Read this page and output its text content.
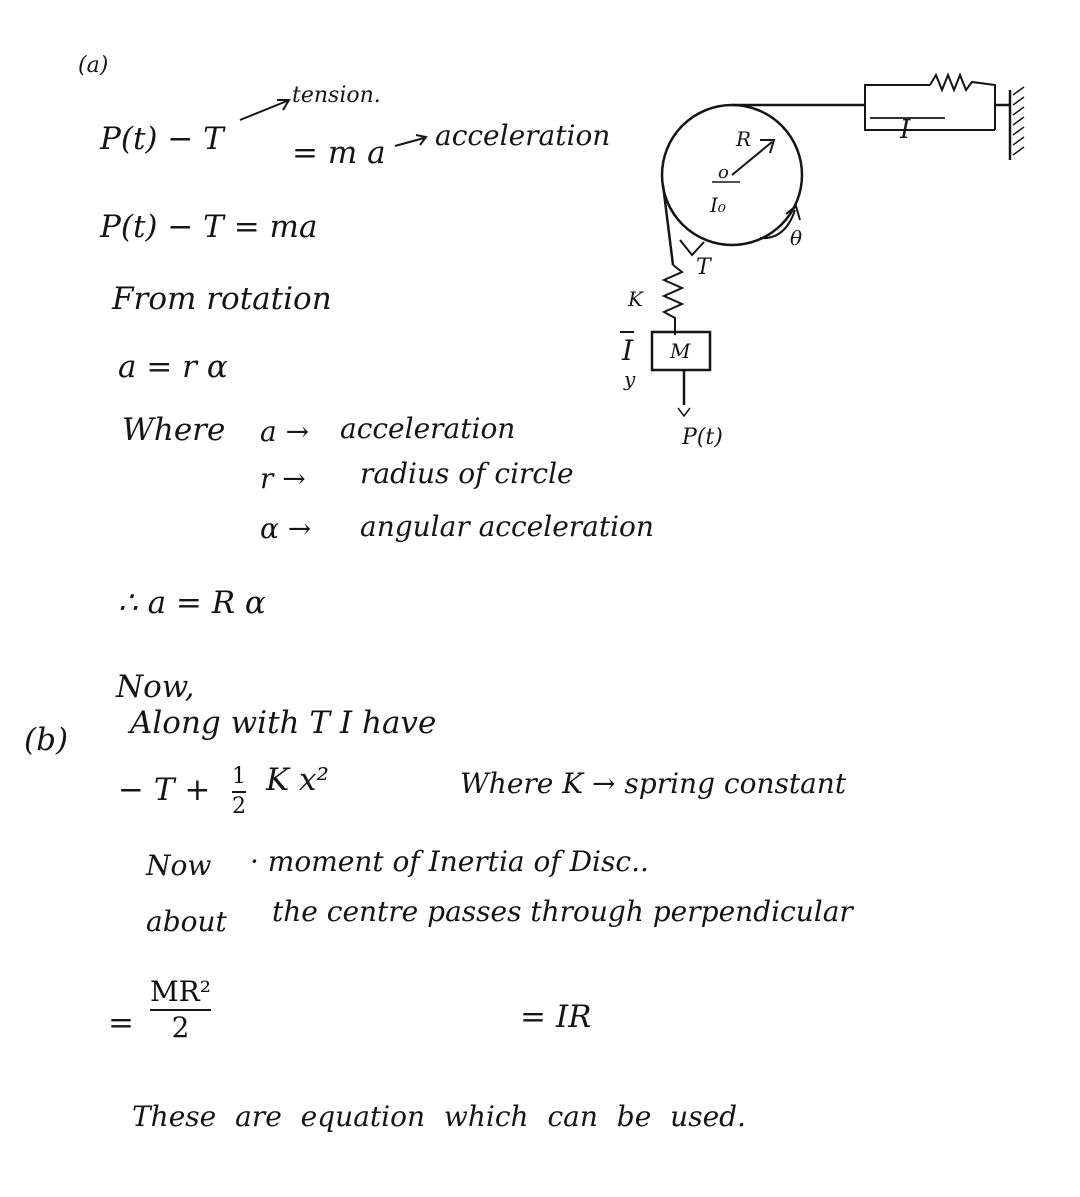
(a)
tension.
P(t) − T = m a acceleration
P(t) − T = ma
From rotation
a = r α
Where a → acceleration
r → radius of circle
α → angular acceleration
∴ a = R α
R
o
I₀
θ
T
K
I
y
M
P(t)
I
Now,
(b) Along with T I have
− T + 1
2
K x²	Where K → spring constant
Now · moment of Inertia of Disc..
about the centre passes through perpendicular
=
MR²
2	= IR
These are equation which can be used.
